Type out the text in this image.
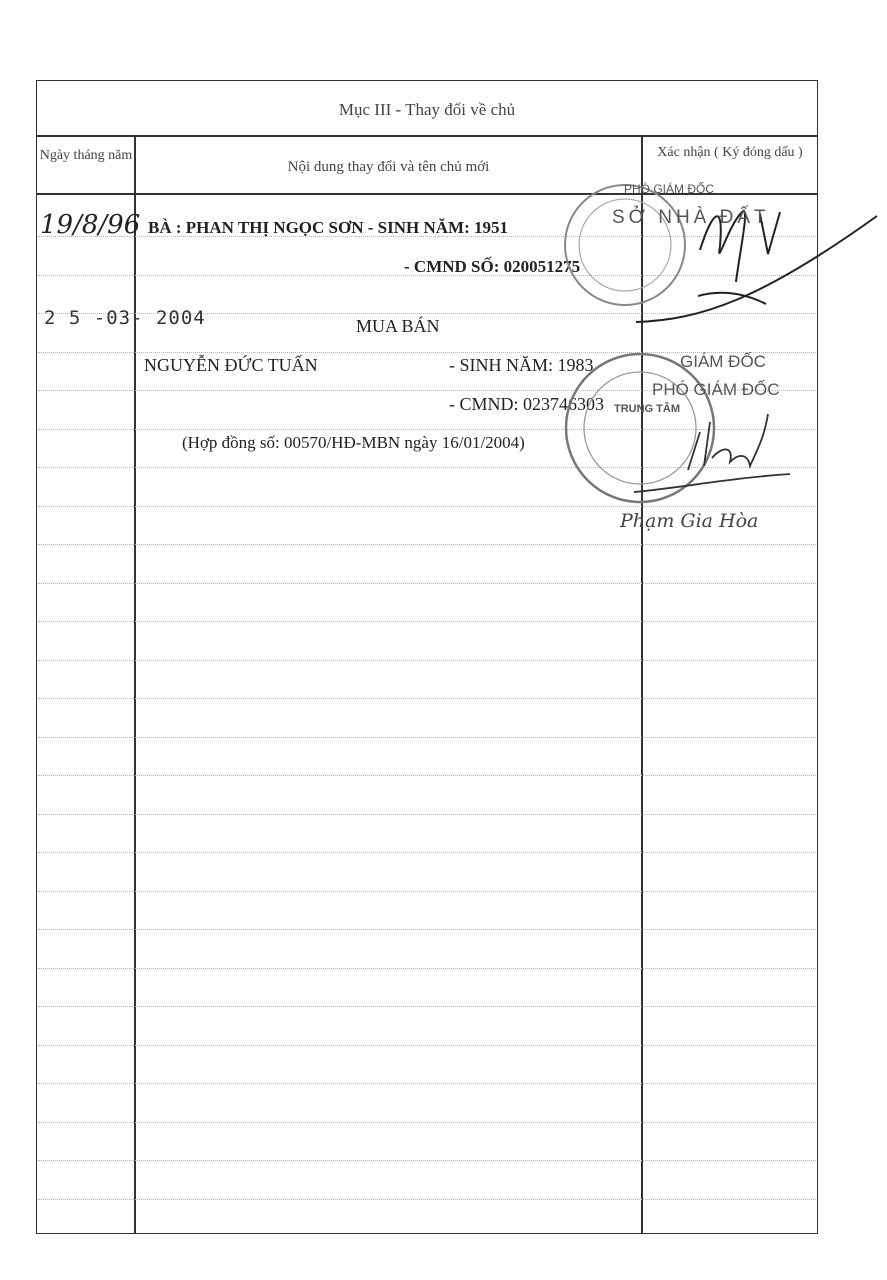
Mục III - Thay đổi về chủ
Ngày tháng năm
Nội dung thay đổi và tên chủ mới
Xác nhận ( Ký đóng dấu )
19/8/96 BÀ : PHAN THỊ NGỌC SƠN - SINH NĂM: 1951
- CMND SỐ: 020051275
2 5 -03- 2004	MUA BÁN
NGUYỄN ĐỨC TUẤN	- SINH NĂM: 1983
- CMND: 023746303
(Hợp đồng số: 00570/HĐ-MBN ngày 16/01/2004)
SỞ NHÀ ĐẤT
PHÓ GIÁM ĐỐC
GIÁM ĐỐC
PHÓ GIÁM ĐỐC
TRUNG TÂM
Phạm Gia Hòa
